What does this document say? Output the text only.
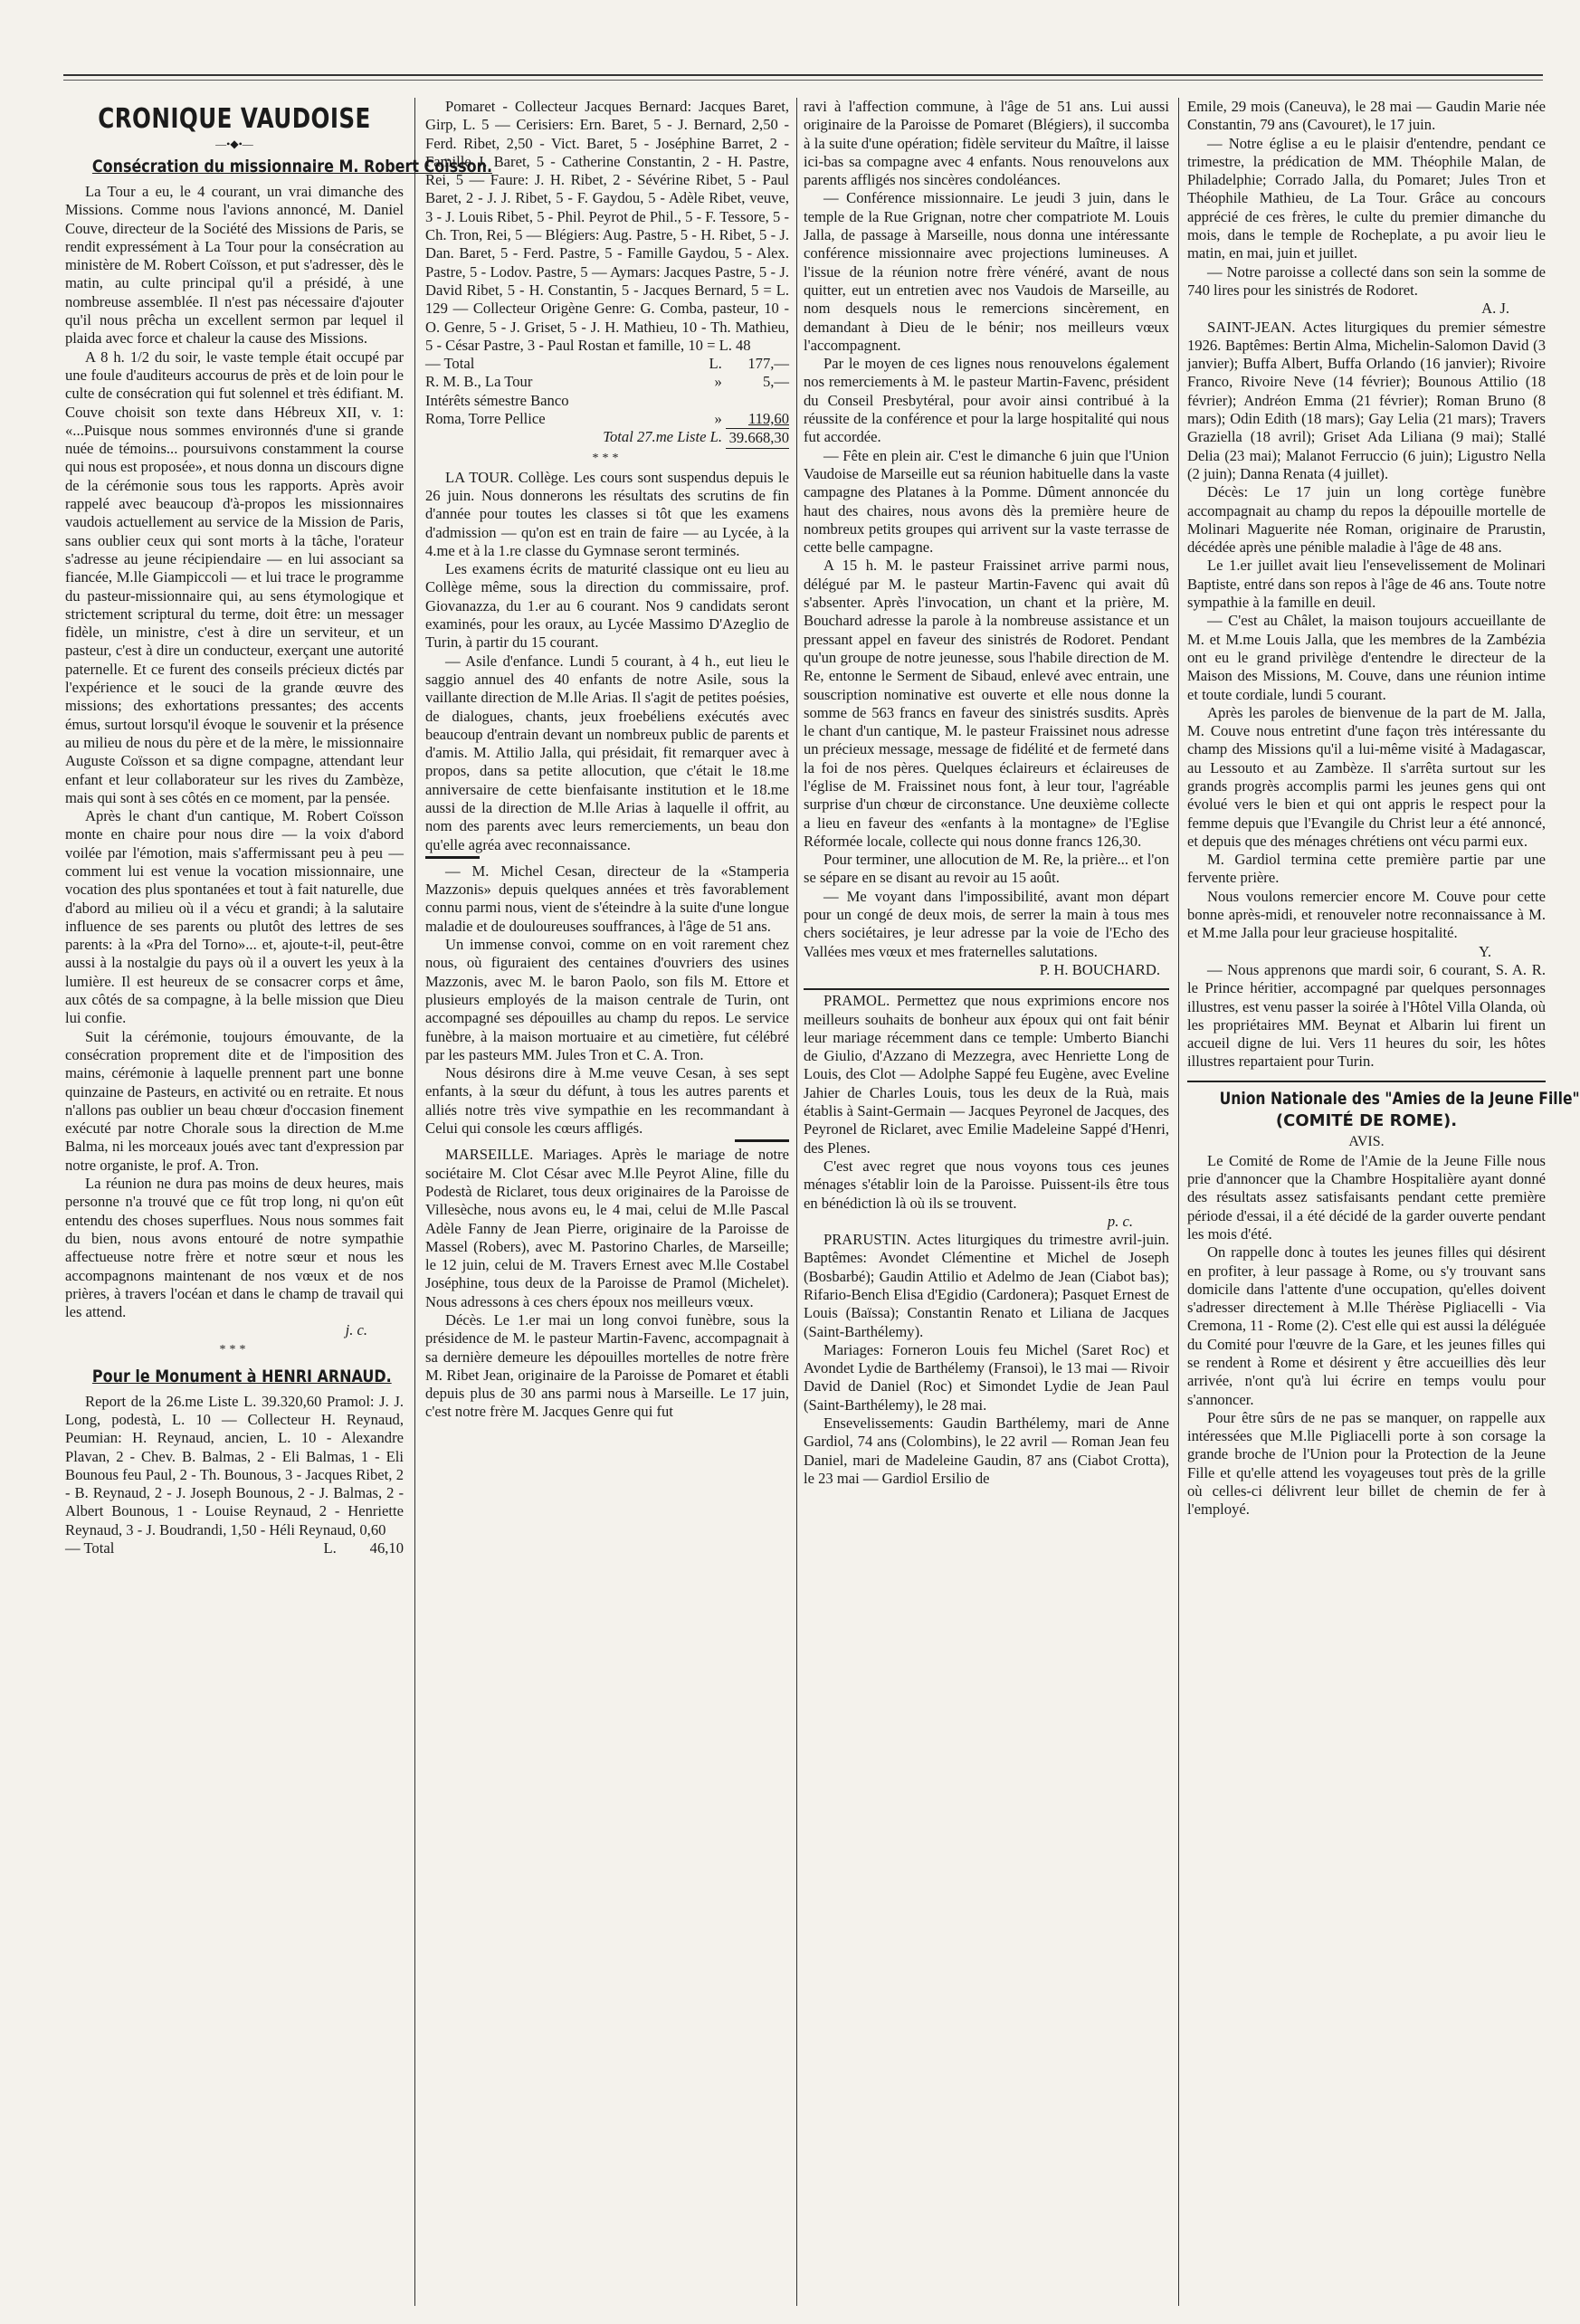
CRONIQUE VAUDOISE
—•◆•—
Consécration du missionnaire M. Robert Coïsson.

La Tour a eu, le 4 courant, un vrai dimanche des Missions. Comme nous l'avions annoncé, M. Daniel Couve, directeur de la Société des Missions de Paris, se rendit expressément à La Tour pour la consécration au ministère de M. Robert Coïsson, et put s'adresser, dès le matin, au culte principal qu'il a présidé, à une nombreuse assemblée. Il n'est pas nécessaire d'ajouter qu'il nous prêcha un excellent sermon par lequel il plaida avec force et chaleur la cause des Missions.

A 8 h. 1/2 du soir, le vaste temple était occupé par une foule d'auditeurs accourus de près et de loin pour le culte de consécration qui fut solennel et très édifiant. M. Couve choisit son texte dans Hébreux XII, v. 1: «...Puisque nous sommes environnés d'une si grande nuée de témoins... poursuivons constamment la course qui nous est proposée», et nous donna un discours digne de la cérémonie sous tous les rapports. Après avoir rappelé avec beaucoup d'à-propos les missionnaires vaudois actuellement au service de la Mission de Paris, sans oublier ceux qui sont morts à la tâche, l'orateur s'adresse au jeune récipiendaire — en lui associant sa fiancée, M.lle Giampiccoli — et lui trace le programme du pasteur-missionnaire qui, au sens étymologique et strictement scriptural du terme, doit être: un messager fidèle, un ministre, c'est à dire un serviteur, et un pasteur, c'est à dire un conducteur, exerçant une autorité paternelle. Et ce furent des conseils précieux dictés par l'expérience et le souci de la grande œuvre des missions; des exhortations pressantes; des accents émus, surtout lorsqu'il évoque le souvenir et la présence au milieu de nous du père et de la mère, le missionnaire Auguste Coïsson et sa digne compagne, attendant leur enfant et leur collaborateur sur les rives du Zambèze, mais qui sont à ses côtés en ce moment, par la pensée.

Après le chant d'un cantique, M. Robert Coïsson monte en chaire pour nous dire — la voix d'abord voilée par l'émotion, mais s'affermissant peu à peu — comment lui est venue la vocation missionnaire, une vocation des plus spontanées et tout à fait naturelle, due d'abord au milieu où il a vécu et grandi; à la salutaire influence de ses parents ou plutôt des lettres de ses parents: à la «Pra del Torno»... et, ajoute-t-il, peut-être aussi à la nostalgie du pays où il a ouvert les yeux à la lumière. Il est heureux de se consacrer corps et âme, aux côtés de sa compagne, à la belle mission que Dieu lui confie.

Suit la cérémonie, toujours émouvante, de la consécration proprement dite et de l'imposition des mains, cérémonie à laquelle prennent part une bonne quinzaine de Pasteurs, en activité ou en retraite. Et nous n'allons pas oublier un beau chœur d'occasion finement exécuté par notre Chorale sous la direction de M.me Balma, ni les morceaux joués avec tant d'expression par notre organiste, le prof. A. Tron.

La réunion ne dura pas moins de deux heures, mais personne n'a trouvé que ce fût trop long, ni qu'on eût entendu des choses superflues. Nous nous sommes fait du bien, nous avons entouré de notre sympathie affectueuse notre frère et notre sœur et nous les accompagnons maintenant de nos vœux et de nos prières, à travers l'océan et dans le champ de travail qui les attend.

j. c.
***
Pour le Monument à HENRI ARNAUD.

Report de la 26.me Liste L. 39.320,60 Pramol: J. J. Long, podestà, L. 10 — Collecteur H. Reynaud, Peumian: H. Reynaud, ancien, L. 10 - Alexandre Plavan, 2 - Chev. B. Balmas, 2 - Eli Balmas, 1 - Eli Bounous feu Paul, 2 - Th. Bounous, 3 - Jacques Ribet, 2 - B. Reynaud, 2 - J. Joseph Bounous, 2 - J. Balmas, 2 - Albert Bounous, 1 - Louise Reynaud, 2 - Henriette Reynaud, 3 - J. Boudrandi, 1,50 - Héli Reynaud, 0,60

— Total	L. 46,10

Pomaret - Collecteur Jacques Bernard: Jacques Baret, Girp, L. 5 — Cerisiers: Ern. Baret, 5 - J. Bernard, 2,50 - Ferd. Ribet, 2,50 - Vict. Baret, 5 - Joséphine Barret, 2 - Famille J. Baret, 5 - Catherine Constantin, 2 - H. Pastre, Rei, 5 — Faure: J. H. Ribet, 2 - Sévérine Ribet, 5 - Paul Baret, 2 - J. J. Ribet, 5 - F. Gaydou, 5 - Adèle Ribet, veuve, 3 - J. Louis Ribet, 5 - Phil. Peyrot de Phil., 5 - F. Tessore, 5 - Ch. Tron, Rei, 5 — Blégiers: Aug. Pastre, 5 - H. Ribet, 5 - J. Dan. Baret, 5 - Ferd. Pastre, 5 - Famille Gaydou, 5 - Alex. Pastre, 5 - Lodov. Pastre, 5 — Aymars: Jacques Pastre, 5 - J. David Ribet, 5 - H. Constantin, 5 - Jacques Bernard, 5 = L. 129 — Collecteur Origène Genre: G. Comba, pasteur, 10 - O. Genre, 5 - J. Griset, 5 - J. H. Mathieu, 10 - Th. Mathieu, 5 - César Pastre, 3 - Paul Rostan et famille, 10 = L. 48

— Total	L. 177,—
R. M. B., La Tour	»	5,—
Intérêts sémestre Banco
Roma, Torre Pellice	» 119,60
Total 27.me Liste L. 39.668,30
***

LA TOUR. Collège. Les cours sont suspendus depuis le 26 juin. Nous donnerons les résultats des scrutins de fin d'année pour toutes les classes si tôt que les examens d'admission — qu'on est en train de faire — au Lycée, à la 4.me et à la 1.re classe du Gymnase seront terminés.

Les examens écrits de maturité classique ont eu lieu au Collège même, sous la direction du commissaire, prof. Giovanazza, du 1.er au 6 courant. Nos 9 candidats seront examinés, pour les oraux, au Lycée Massimo D'Azeglio de Turin, à partir du 15 courant.

— Asile d'enfance. Lundi 5 courant, à 4 h., eut lieu le saggio annuel des 40 enfants de notre Asile, sous la vaillante direction de M.lle Arias. Il s'agit de petites poésies, de dialogues, chants, jeux froebéliens exécutés avec beaucoup d'entrain devant un nombreux public de parents et d'amis. M. Attilio Jalla, qui présidait, fit remarquer avec à propos, dans sa petite allocution, que c'était le 18.me anniversaire de cette bienfaisante institution et le 18.me aussi de la direction de M.lle Arias à laquelle il offrit, au nom des parents avec leurs remerciements, un beau don qu'elle agréa avec reconnaissance.

— M. Michel Cesan, directeur de la «Stamperia Mazzonis» depuis quelques années et très favorablement connu parmi nous, vient de s'éteindre à la suite d'une longue maladie et de douloureuses souffrances, à l'âge de 51 ans.

Un immense convoi, comme on en voit rarement chez nous, où figuraient des centaines d'ouvriers des usines Mazzonis, avec M. le baron Paolo, son fils M. Ettore et plusieurs employés de la maison centrale de Turin, ont accompagné ses dépouilles au champ du repos. Le service funèbre, à la maison mortuaire et au cimetière, fut célébré par les pasteurs MM. Jules Tron et C. A. Tron.

Nous désirons dire à M.me veuve Cesan, à ses sept enfants, à la sœur du défunt, à tous les autres parents et alliés notre très vive sympathie en les recommandant à Celui qui console les cœurs affligés.

MARSEILLE. Mariages. Après le mariage de notre sociétaire M. Clot César avec M.lle Peyrot Aline, fille du Podestà de Riclaret, tous deux originaires de la Paroisse de Villesèche, nous avons eu, le 4 mai, celui de M.lle Pascal Adèle Fanny de Jean Pierre, originaire de la Paroisse de Massel (Robers), avec M. Pastorino Charles, de Marseille; le 12 juin, celui de M. Travers Ernest avec M.lle Costabel Joséphine, tous deux de la Paroisse de Pramol (Michelet). Nous adressons à ces chers époux nos meilleurs vœux.

Décès. Le 1.er mai un long convoi funèbre, sous la présidence de M. le pasteur Martin-Favenc, accompagnait à sa dernière demeure les dépouilles mortelles de notre frère M. Ribet Jean, originaire de la Paroisse de Pomaret et établi depuis plus de 30 ans parmi nous à Marseille. Le 17 juin, c'est notre frère M. Jacques Genre qui fut

ravi à l'affection commune, à l'âge de 51 ans. Lui aussi originaire de la Paroisse de Pomaret (Blégiers), il succomba à la suite d'une opération; fidèle serviteur du Maître, il laisse ici-bas sa compagne avec 4 enfants. Nous renouvelons aux parents affligés nos sincères condoléances.

— Conférence missionnaire. Le jeudi 3 juin, dans le temple de la Rue Grignan, notre cher compatriote M. Louis Jalla, de passage à Marseille, nous donna une intéressante conférence missionnaire avec projections lumineuses. A l'issue de la réunion notre frère vénéré, avant de nous quitter, eut un entretien avec nos Vaudois de Marseille, au nom desquels nous le remercions sincèrement, en demandant à Dieu de le bénir; nos meilleurs vœux l'accompagnent.

Par le moyen de ces lignes nous renouvelons également nos remerciements à M. le pasteur Martin-Favenc, président du Conseil Presbytéral, pour avoir ainsi contribué à la réussite de la conférence et pour la large hospitalité qui nous fut accordée.

— Fête en plein air. C'est le dimanche 6 juin que l'Union Vaudoise de Marseille eut sa réunion habituelle dans la vaste campagne des Platanes à la Pomme. Dûment annoncée du haut des chaires, nous avons dès la première heure de nombreux petits groupes qui arrivent sur la vaste terrasse de cette belle campagne.

A 15 h. M. le pasteur Fraissinet arrive parmi nous, délégué par M. le pasteur Martin-Favenc qui avait dû s'absenter. Après l'invocation, un chant et la prière, M. Bouchard adresse la parole à la nombreuse assistance et un pressant appel en faveur des sinistrés de Rodoret. Pendant qu'un groupe de notre jeunesse, sous l'habile direction de M. Re, entonne le Serment de Sibaud, enlevé avec entrain, une souscription nominative est ouverte et elle nous donne la somme de 563 francs en faveur des sinistrés susdits. Après le chant d'un cantique, M. le pasteur Fraissinet nous adresse un précieux message, message de fidélité et de fermeté dans la foi de nos pères. Quelques éclaireurs et éclaireuses de l'église de M. Fraissinet nous font, à leur tour, l'agréable surprise d'un chœur de circonstance. Une deuxième collecte a lieu en faveur des «enfants à la montagne» de l'Eglise Réformée locale, collecte qui nous donne francs 126,30.

Pour terminer, une allocution de M. Re, la prière... et l'on se sépare en se disant au revoir au 15 août.

— Me voyant dans l'impossibilité, avant mon départ pour un congé de deux mois, de serrer la main à tous mes chers sociétaires, je leur adresse par la voie de l'Echo des Vallées mes vœux et mes fraternelles salutations.

P. H. BOUCHARD.

PRAMOL. Permettez que nous exprimions encore nos meilleurs souhaits de bonheur aux époux qui ont fait bénir leur mariage récemment dans ce temple: Umberto Bianchi de Giulio, d'Azzano di Mezzegra, avec Henriette Long de Louis, des Clot — Adolphe Sappé feu Eugène, avec Eveline Jahier de Charles Louis, tous les deux de la Ruà, mais établis à Saint-Germain — Jacques Peyronel de Jacques, des Peyronel de Riclaret, avec Emilie Madeleine Sappé d'Henri, des Plenes.

C'est avec regret que nous voyons tous ces jeunes ménages s'établir loin de la Paroisse. Puissent-ils être tous en bénédiction là où ils se trouvent.

p. c.

PRARUSTIN. Actes liturgiques du trimestre avril-juin. Baptêmes: Avondet Clémentine et Michel de Joseph (Bosbarbé); Gaudin Attilio et Adelmo de Jean (Ciabot bas); Rifario-Bench Elisa d'Egidio (Cardonera); Pasquet Ernest de Louis (Baïssa); Constantin Renato et Liliana de Jacques (Saint-Barthélemy).

Mariages: Forneron Louis feu Michel (Saret Roc) et Avondet Lydie de Barthélemy (Fransoi), le 13 mai — Rivoir David de Daniel (Roc) et Simondet Lydie de Jean Paul (Saint-Barthélemy), le 28 mai.

Ensevelissements: Gaudin Barthélemy, mari de Anne Gardiol, 74 ans (Colombins), le 22 avril — Roman Jean feu Daniel, mari de Madeleine Gaudin, 87 ans (Ciabot Crotta), le 23 mai — Gardiol Ersilio de

Emile, 29 mois (Caneuva), le 28 mai — Gaudin Marie née Constantin, 79 ans (Cavouret), le 17 juin.

— Notre église a eu le plaisir d'entendre, pendant ce trimestre, la prédication de MM. Théophile Malan, de Philadelphie; Corrado Jalla, du Pomaret; Jules Tron et Théophile Mathieu, de La Tour. Grâce au concours apprécié de ces frères, le culte du premier dimanche du mois, dans le temple de Rocheplate, a pu avoir lieu le matin, en mai, juin et juillet.

— Notre paroisse a collecté dans son sein la somme de 740 lires pour les sinistrés de Rodoret.

A. J.

SAINT-JEAN. Actes liturgiques du premier sémestre 1926. Baptêmes: Bertin Alma, Michelin-Salomon David (3 janvier); Buffa Albert, Buffa Orlando (16 janvier); Rivoire Franco, Rivoire Neve (14 février); Bounous Attilio (18 février); Andréon Emma (21 février); Roman Bruno (8 mars); Odin Edith (18 mars); Gay Lelia (21 mars); Travers Graziella (18 avril); Griset Ada Liliana (9 mai); Stallé Delia (23 mai); Malanot Ferruccio (6 juin); Ligustro Nella (2 juin); Danna Renata (4 juillet).

Décès: Le 17 juin un long cortège funèbre accompagnait au champ du repos la dépouille mortelle de Molinari Maguerite née Roman, originaire de Prarustin, décédée après une pénible maladie à l'âge de 48 ans.

Le 1.er juillet avait lieu l'ensevelissement de Molinari Baptiste, entré dans son repos à l'âge de 46 ans. Toute notre sympathie à la famille en deuil.

— C'est au Châlet, la maison toujours accueillante de M. et M.me Louis Jalla, que les membres de la Zambézia ont eu le grand privilège d'entendre le directeur de la Maison des Missions, M. Couve, dans une réunion intime et toute cordiale, lundi 5 courant.

Après les paroles de bienvenue de la part de M. Jalla, M. Couve nous entretint d'une façon très intéressante du champ des Missions qu'il a lui-même visité à Madagascar, au Lessouto et au Zambèze. Il s'arrêta surtout sur les grands progrès accomplis parmi les jeunes gens qui ont évolué vers le bien et qui ont appris le respect pour la femme depuis que l'Evangile du Christ leur a été annoncé, et depuis que des ménages chrétiens ont vécu parmi eux.

M. Gardiol termina cette première partie par une fervente prière.

Nous voulons remercier encore M. Couve pour cette bonne après-midi, et renouveler notre reconnaissance à M. et M.me Jalla pour leur gracieuse hospitalité.

Y.

— Nous apprenons que mardi soir, 6 courant, S. A. R. le Prince héritier, accompagné par quelques personnages illustres, est venu passer la soirée à l'Hôtel Villa Olanda, où les propriétaires MM. Beynat et Albarin lui firent un accueil digne de lui. Vers 11 heures du soir, les hôtes illustres repartaient pour Turin.

Union Nationale des "Amies de la Jeune Fille"
(COMITÉ DE ROME).
AVIS.

Le Comité de Rome de l'Amie de la Jeune Fille nous prie d'annoncer que la Chambre Hospitalière ayant donné des résultats assez satisfaisants pendant cette première période d'essai, il a été décidé de la garder ouverte pendant les mois d'été.

On rappelle donc à toutes les jeunes filles qui désirent en profiter, à leur passage à Rome, ou s'y trouvant sans domicile dans l'attente d'une occupation, qu'elles doivent s'adresser directement à M.lle Thérèse Pigliacelli - Via Cremona, 11 - Rome (2). C'est elle qui est aussi la déléguée du Comité pour l'œuvre de la Gare, et les jeunes filles qui se rendent à Rome et désirent y être accueillies dès leur arrivée, n'ont qu'à lui écrire en temps voulu pour s'annoncer.

Pour être sûrs de ne pas se manquer, on rappelle aux intéressées que M.lle Pigliacelli porte à son corsage la grande broche de l'Union pour la Protection de la Jeune Fille et qu'elle attend les voyageuses tout près de la grille où celles-ci délivrent leur billet de chemin de fer à l'employé.
